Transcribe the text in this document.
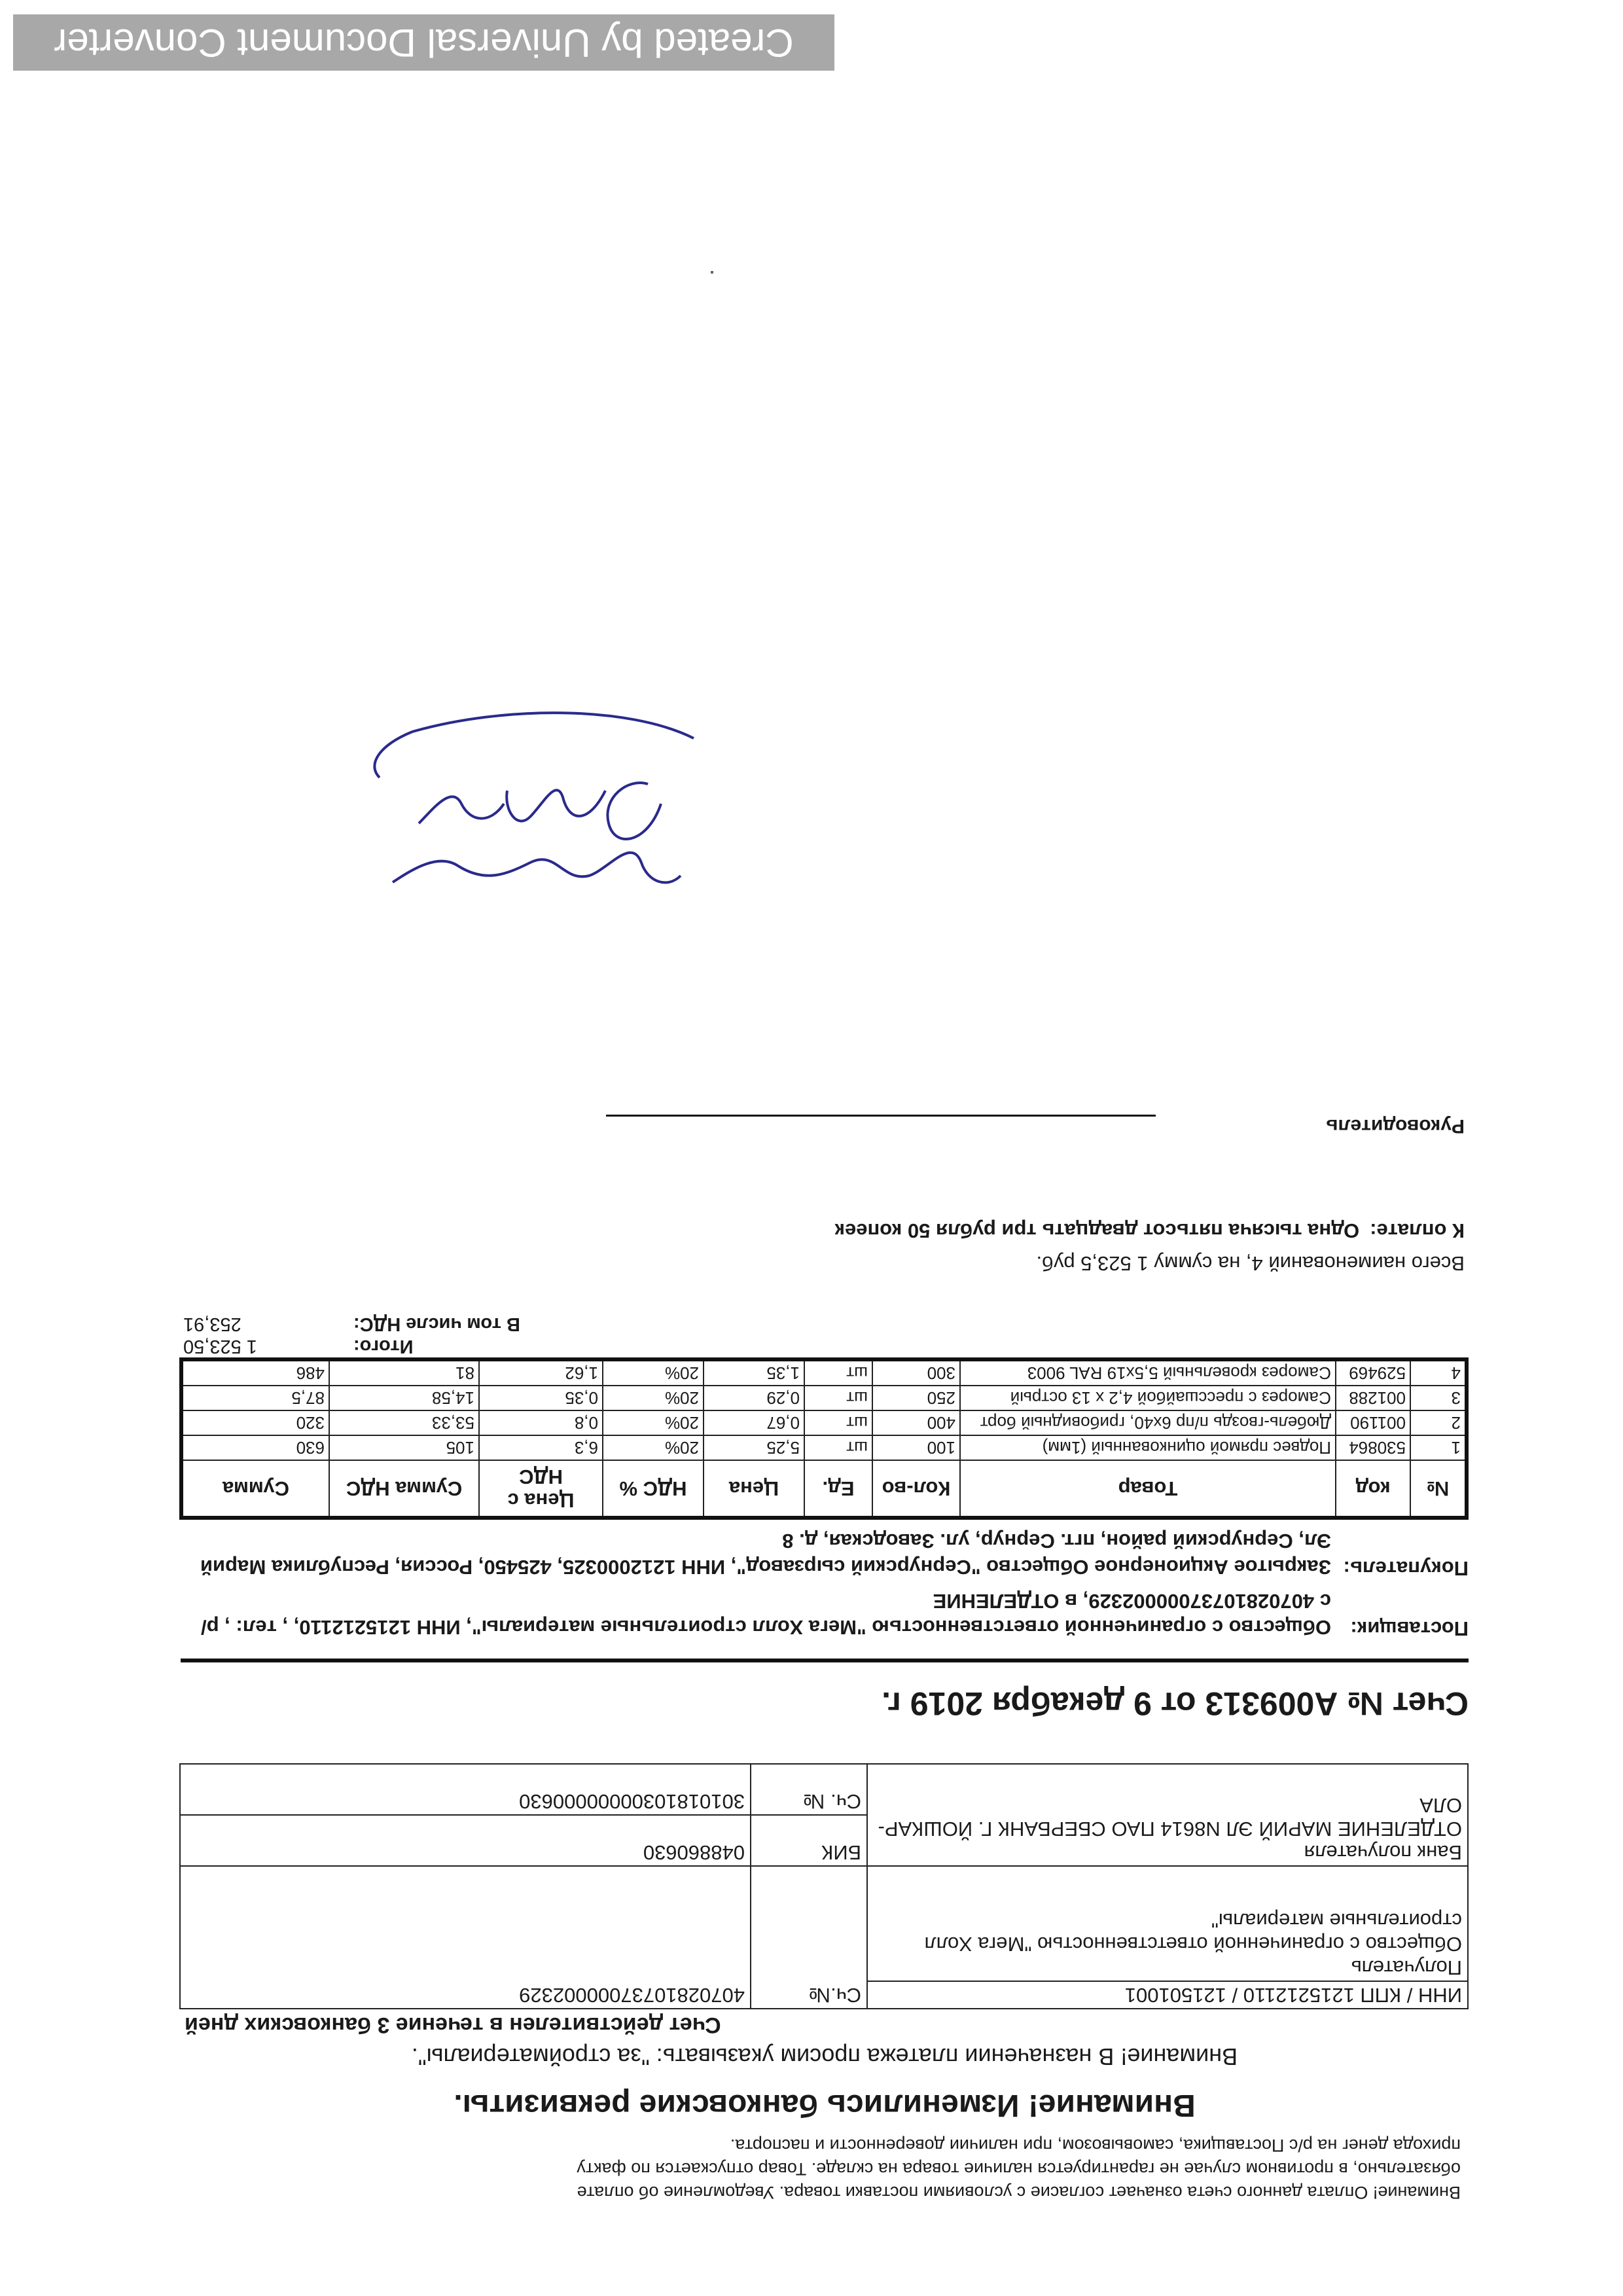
Внимание! Оплата данного счета означает согласие с условиями поставки товара. Уведомление об оплате
обязательно, в противном случае не гарантируется наличие товара на складе. Товар отпускается по факту
прихода денег на р/с Поставщика, самовывозом, при наличии доверенности и паспорта.
Внимание! Изменились банковские реквизиты.
Внимание! В назначении платежа просим указывать: "за стройматериалы".
Счет действителен в течение 3 банковских дней
ИНН / КПП 1215212110 / 121501001	Сч.№	40702810737000002329

Получатель
Общество с ограниченной ответственностью "Мега Холл строительные материалы"		

Банк получателя
ОТДЕЛЕНИЕ МАРИЙ ЭЛ N8614 ПАО СБЕРБАНК Г. ЙОШКАР-ОЛА	БИК	048860630
	Сч. №	30101810300000000630
Счет № А009313 от 9 декабря 2019 г.
Поставщик:
Общество с ограниченной ответственностью "Мега Холл строительные материалы", ИНН 1215212110, , тел: , р/с 40702810737000002329, в ОТДЕЛЕНИЕ
Покупатель:
Закрытое Акционерное Общество "Сернурский сырзавод", ИНН 1212000325, 425450, Россия, Республика Марий Эл, Сернурский район, пгт. Сернур, ул. Заводская, д. 8
№	код	Товар	Кол-во	Ед.	Цена	НДС %	Цена с НДС	Сумма НДС	Сумма
1	530864	Подвес прямой оцинкованный (1мм)	100	шт	5,25	20%	6,3	105	630
2	001190	Дюбель-гвоздь п/пр 6х40, грибовидный борт	400	шт	0,67	20%	0,8	53,33	320
3	001288	Саморез с прессшайбой 4,2 х 13 острый	250	шт	0,29	20%	0,35	14,58	87,5
4	529469	Саморез кровельный 5,5х19 RAL 9003	300	шт	1,35	20%	1,62	81	486
Итого:
1 523,50
В том числе НДС:
253,91
Всего наименований 4, на сумму 1 523,5 руб.
К оплате:Одна тысяча пятьсот двадцать три рубля 50 копеек
Руководитель
Created by Universal Document Converter
